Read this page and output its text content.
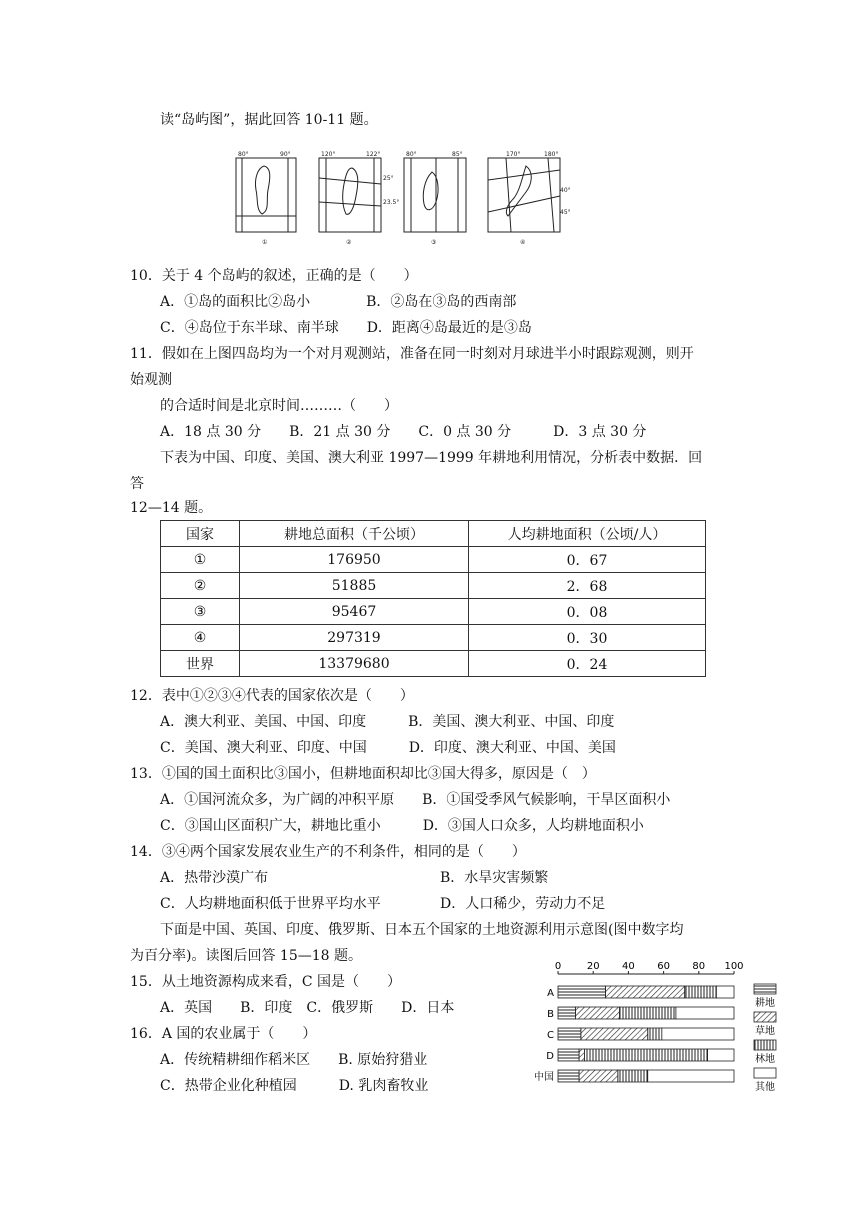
读“岛屿图”，据此回答 10-11 题。
80°	90°	120°	122°
25°
23.5°
80°	85°	170°	180°
40°
45°
①	②	③	④
10．关于 4 个岛屿的叙述，正确的是（　　）
A．①岛的面积比②岛小　　　　B．②岛在③岛的西南部
C．④岛位于东半球、南半球　　D．距离④岛最近的是③岛
11．假如在上图四岛均为一个对月观测站，准备在同一时刻对月球进半小时跟踪观测，则开
始观测
的合适时间是北京时间………（　　）
A．18 点 30 分　　B．21 点 30 分　　C．0 点 30 分　　　D．3 点 30 分
下表为中国、印度、美国、澳大利亚 1997—1999 年耕地利用情况，分析表中数据．回
答
12—14 题。
国家	耕地总面积（千公顷）	人均耕地面积（公顷/人）
①	176950	0．67
②	51885	2．68
③	95467	0．08
④	297319	0．30
世界	13379680	0．24
12．表中①②③④代表的国家依次是（　　）
A．澳大利亚、美国、中国、印度　　　B．美国、澳大利亚、中国、印度
C．美国、澳大利亚、印度、中国　　　D．印度、澳大利亚、中国、美国
13．①国的国土面积比③国小，但耕地面积却比③国大得多，原因是（　）
A．①国河流众多，为广阔的冲积平原　　B．①国受季风气候影响，干旱区面积小
C．③国山区面积广大，耕地比重小　　　D．③国人口众多，人均耕地面积小
14．③④两个国家发展农业生产的不利条件，相同的是（　　）
A．热带沙漠广布	B．水旱灾害频繁
C．人均耕地面积低于世界平均水平	D．人口稀少，劳动力不足
下面是中国、英国、印度、俄罗斯、日本五个国家的土地资源利用示意图(图中数字均
为百分率)。读图后回答 15—18 题。
15．从土地资源构成来看，C 国是（　　）
A．英国　　B．印度　C．俄罗斯　　D．日本
16．A 国的农业属于（　　）
A．传统精耕细作稻米区　　B. 原始狩猎业
C．热带企业化种植园　　　D. 乳肉畜牧业
0	20 40 60 80 100
A
B
C
D
中国
耕地
草地
林地
其他
